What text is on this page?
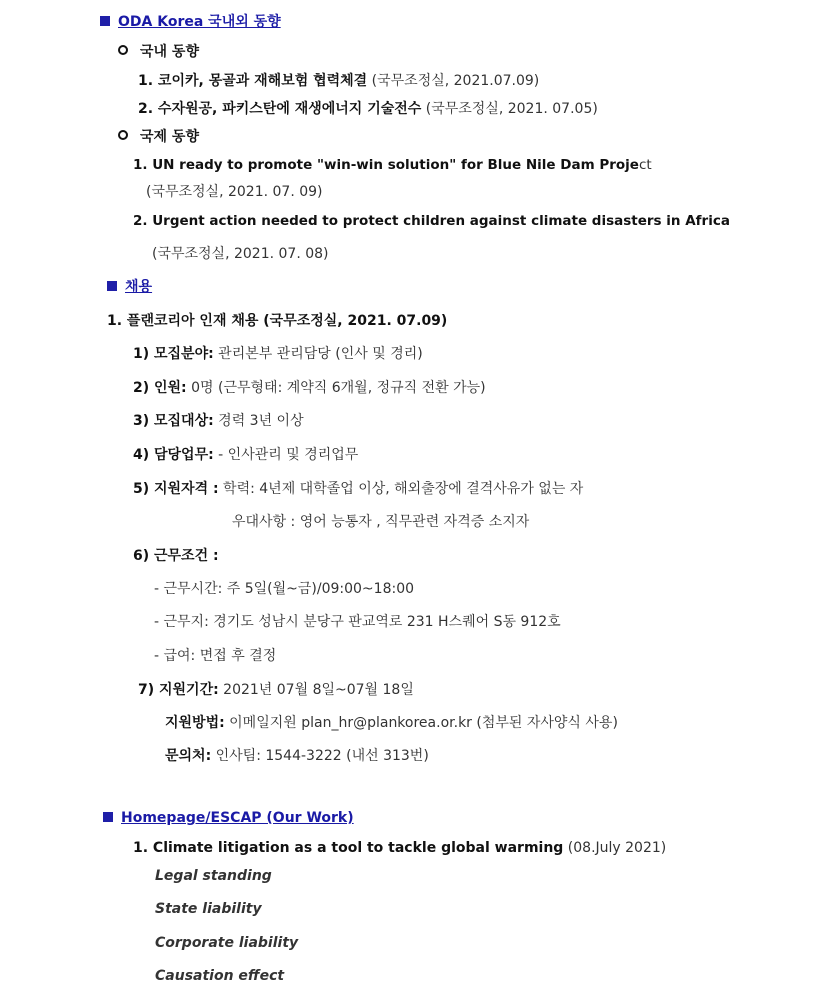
ODA Korea 국내외 동향
국내 동향
1. 코이카, 몽골과 재해보험 협력체결 (국무조정실, 2021.07.09)
2. 수자원공, 파키스탄에 재생에너지 기술전수 (국무조정실, 2021. 07.05)
국제 동향
1. UN ready to promote "win-win solution" for Blue Nile Dam Project
(국무조정실, 2021. 07. 09)
2. Urgent action needed to protect children against climate disasters in Africa
(국무조정실, 2021. 07. 08)
채용
1. 플랜코리아 인재 채용 (국무조정실, 2021. 07.09)
1) 모집분야: 관리본부 관리담당 (인사 및 경리)
2) 인원: 0명 (근무형태: 계약직 6개월, 정규직 전환 가능)
3) 모집대상: 경력 3년 이상
4) 담당업무: - 인사관리 및 경리업무
5) 지원자격 : 학력: 4년제 대학졸업 이상, 해외출장에 결격사유가 없는 자
우대사항 : 영어 능통자 , 직무관련 자격증 소지자
6) 근무조건 :
- 근무시간: 주 5일(월~금)/09:00~18:00
- 근무지: 경기도 성남시 분당구 판교역로 231 H스퀘어 S동 912호
- 급여: 면접 후 결정
7) 지원기간: 2021년 07월 8일~07월 18일
지원방법: 이메일지원 plan_hr@plankorea.or.kr (첨부된 자사양식 사용)
문의처: 인사팀: 1544-3222 (내선 313번)
Homepage/ESCAP (Our Work)
1. Climate litigation as a tool to tackle global warming (08.July 2021)
Legal standing
State liability
Corporate liability
Causation effect
